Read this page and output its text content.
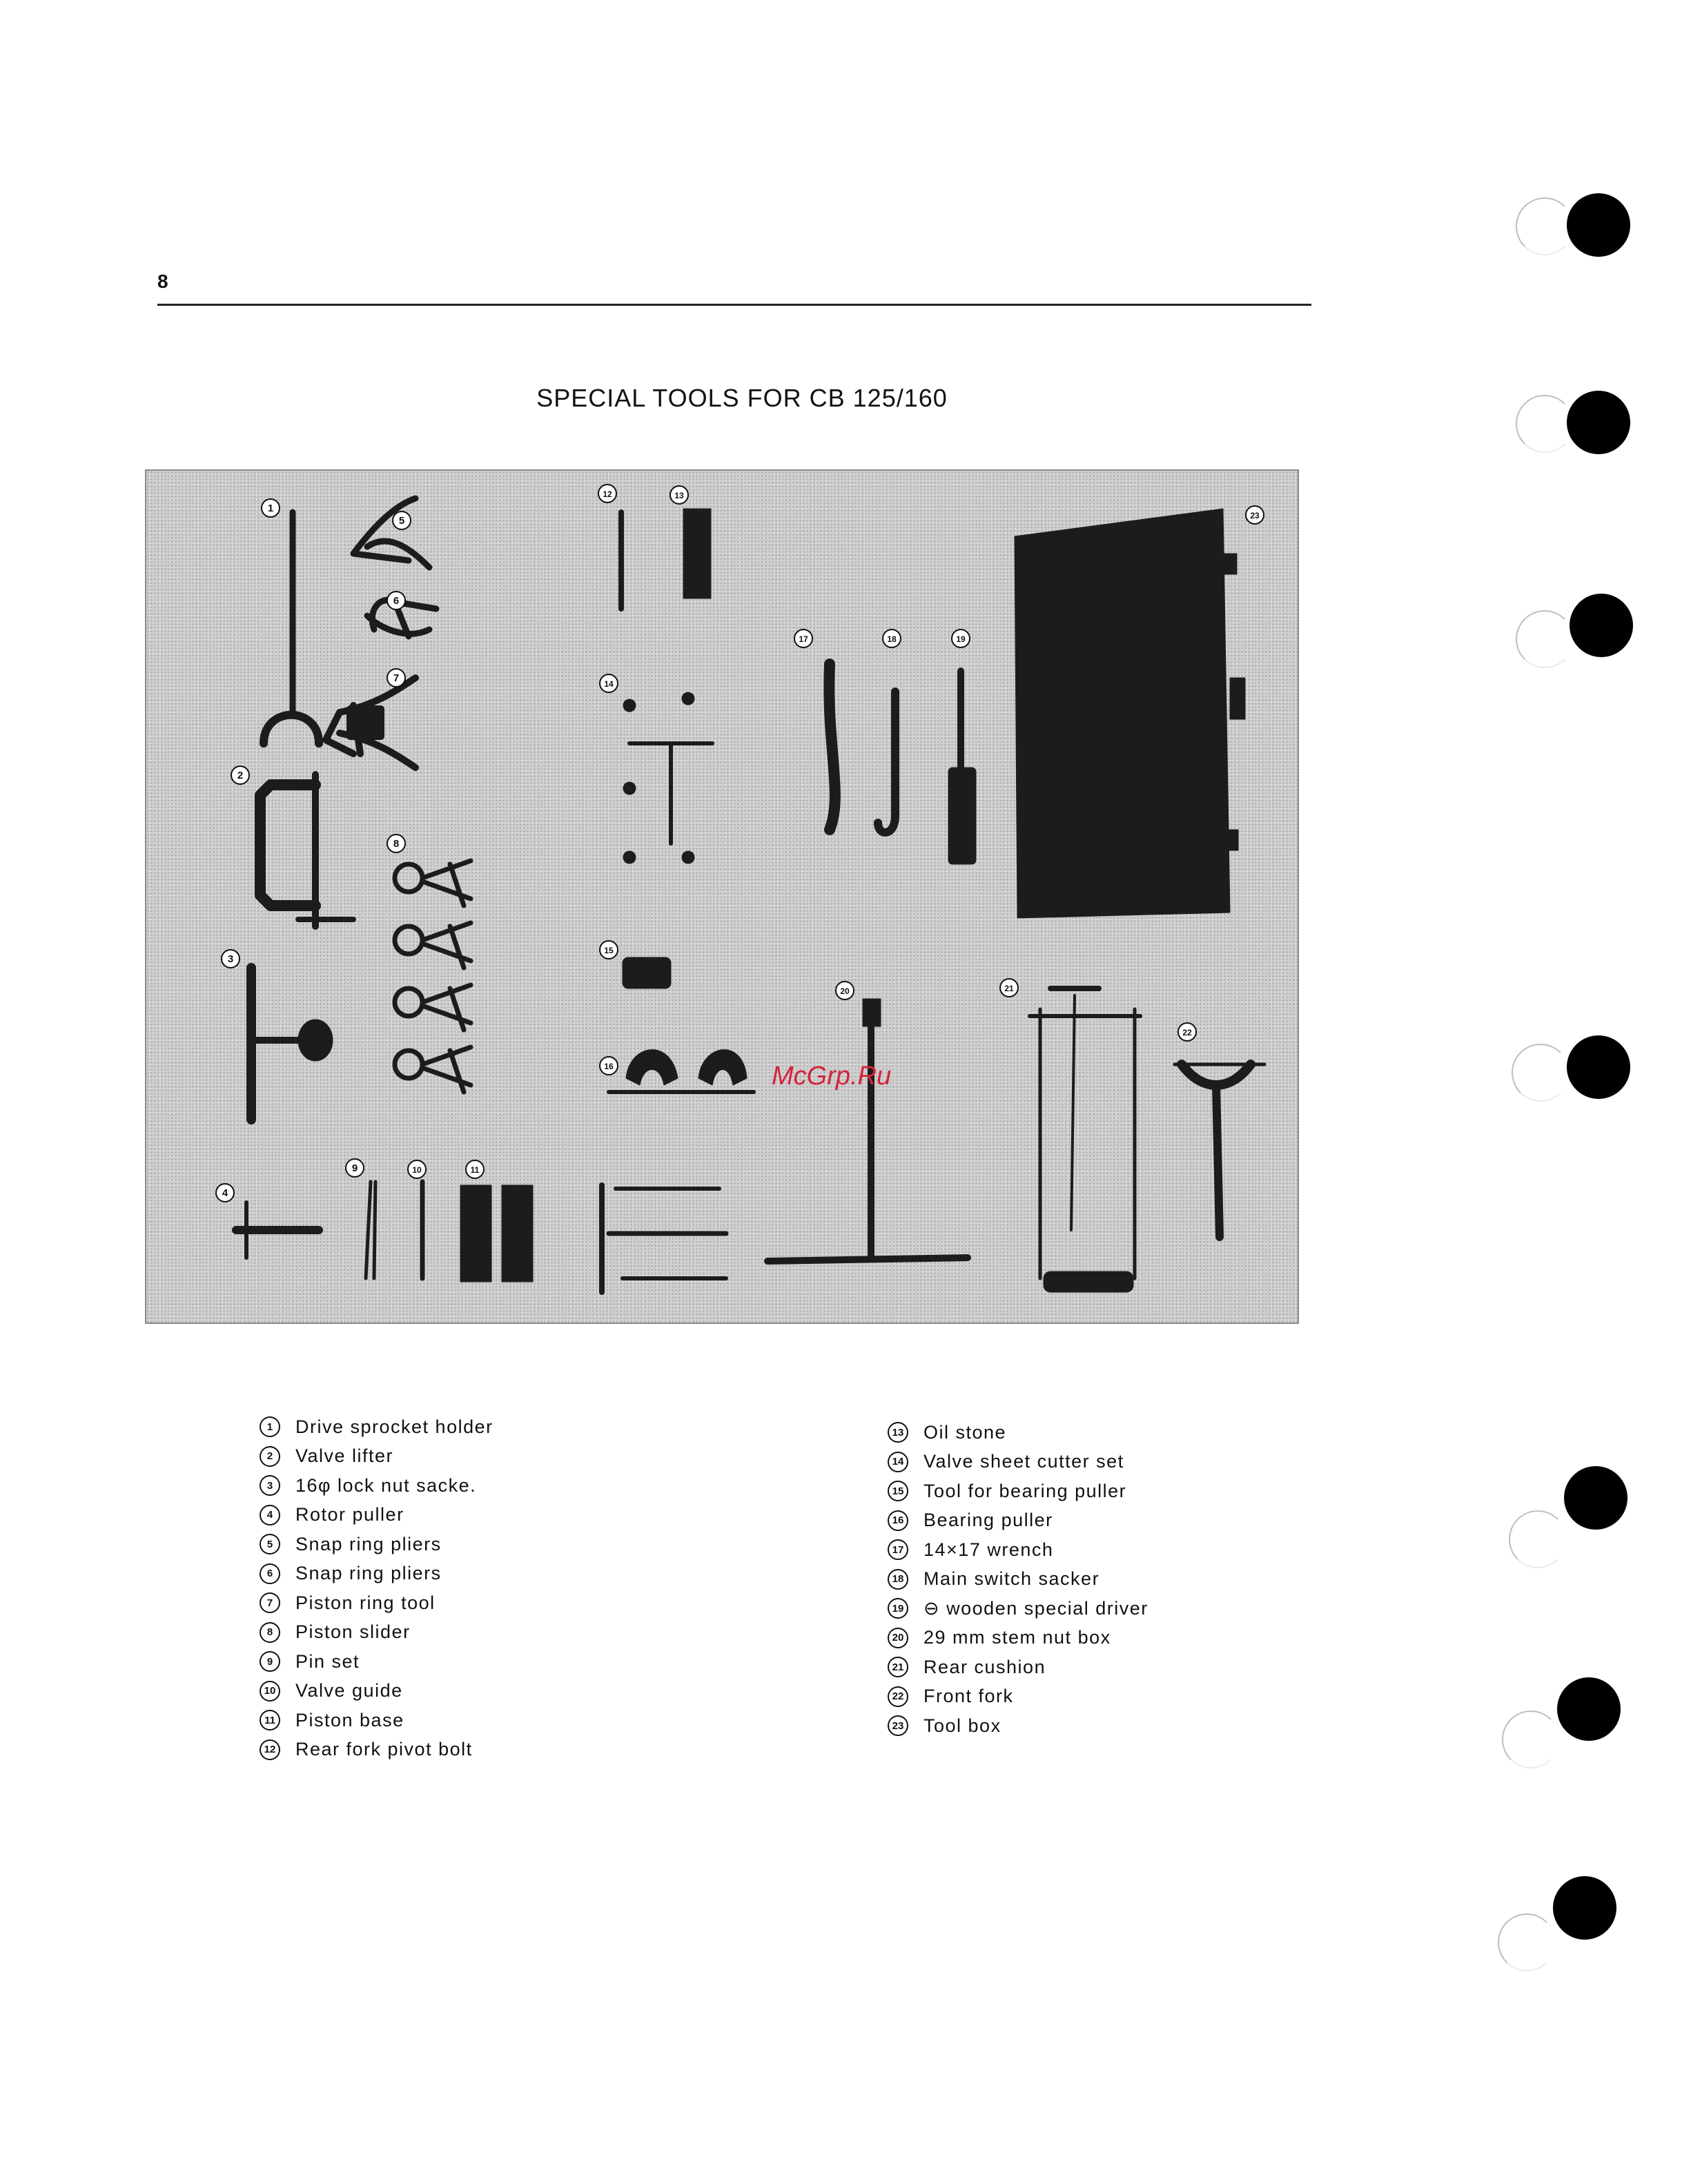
8
SPECIAL TOOLS FOR CB 125/160
1
2
3
4
5
6
7
8
9	10	11
12	13
14
15
16
17	18	19
20	21
22
23
McGrp.Ru
1	Drive sprocket holder
2	Valve lifter
3	16φ lock nut sacke.
4	Rotor puller
5	Snap ring pliers
6	Snap ring pliers
7	Piston ring tool
8	Piston slider
9	Pin set
10 Valve guide
11 Piston base
12 Rear fork pivot bolt
13 Oil stone
14 Valve sheet cutter set
15 Tool for bearing puller
16 Bearing puller
17 14×17 wrench
18 Main switch sacker
19 ⊖ wooden special driver
20 29 mm stem nut box
21 Rear cushion
22 Front fork
23 Tool box
